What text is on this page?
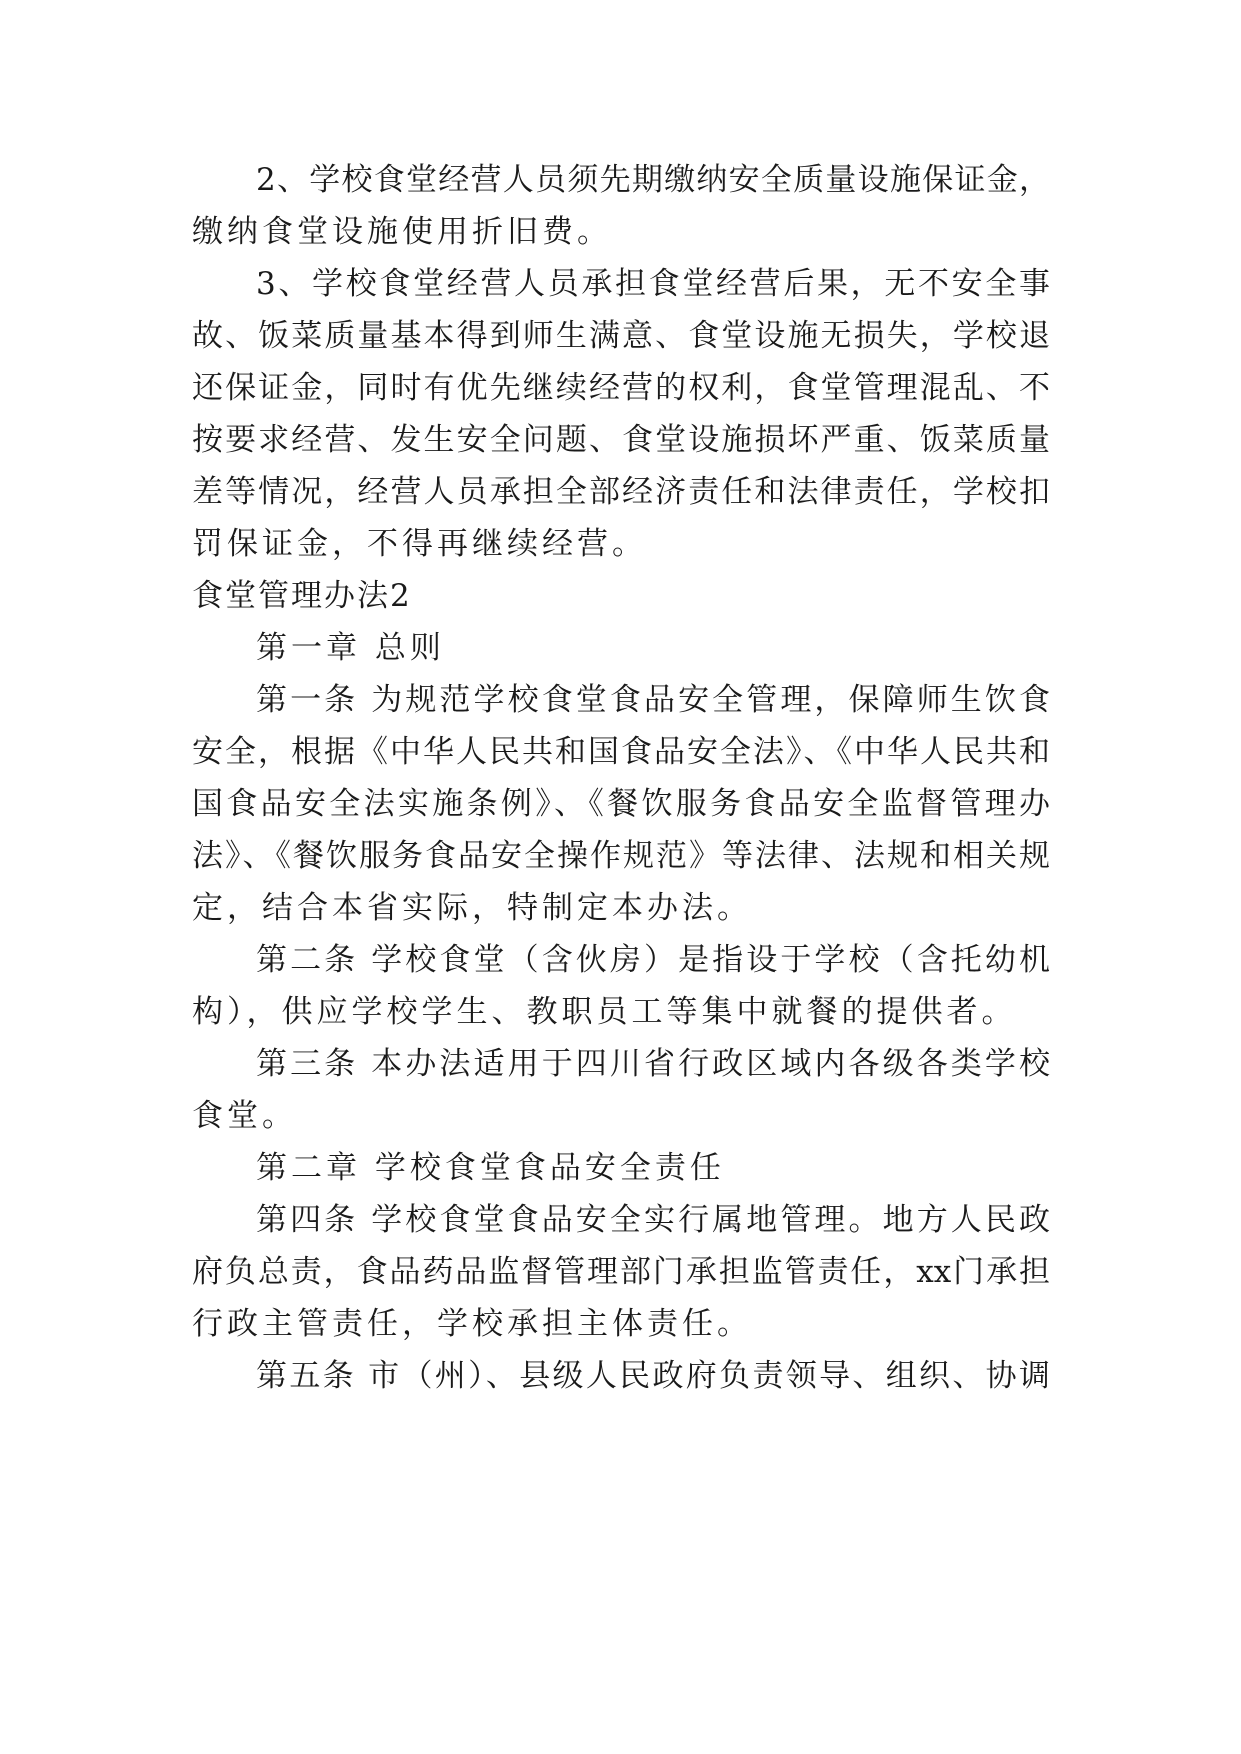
2、学校食堂经营人员须先期缴纳安全质量设施保证金，
缴纳食堂设施使用折旧费。
3、学校食堂经营人员承担食堂经营后果，无不安全事
故、饭菜质量基本得到师生满意、食堂设施无损失，学校退
还保证金，同时有优先继续经营的权利，食堂管理混乱、不
按要求经营、发生安全问题、食堂设施损坏严重、饭菜质量
差等情况，经营人员承担全部经济责任和法律责任，学校扣
罚保证金，不得再继续经营。
食堂管理办法2
第一章 总则
第一条 为规范学校食堂食品安全管理，保障师生饮食
安全，根据《中华人民共和国食品安全法》、《中华人民共和
国食品安全法实施条例》、《餐饮服务食品安全监督管理办
法》、《餐饮服务食品安全操作规范》等法律、法规和相关规
定，结合本省实际，特制定本办法。
第二条 学校食堂（含伙房）是指设于学校（含托幼机
构），供应学校学生、教职员工等集中就餐的提供者。
第三条 本办法适用于四川省行政区域内各级各类学校
食堂。
第二章 学校食堂食品安全责任
第四条 学校食堂食品安全实行属地管理。地方人民政
府负总责，食品药品监督管理部门承担监管责任，xx门承担
行政主管责任，学校承担主体责任。
第五条 市（州）、县级人民政府负责领导、组织、协调
